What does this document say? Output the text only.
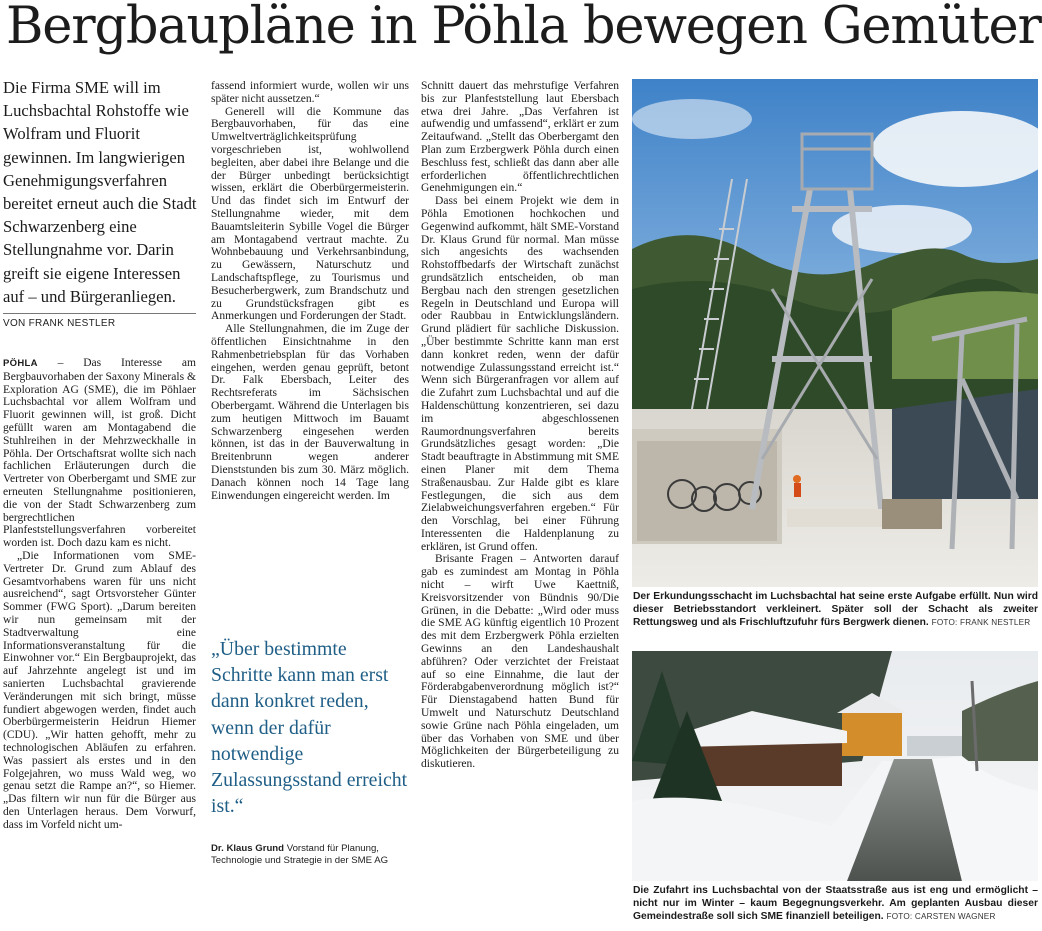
Bergbaupläne in Pöhla bewegen Gemüter
Die Firma SME will im Luchsbachtal Rohstoffe wie Wolfram und Fluorit gewinnen. Im langwierigen Genehmigungsverfahren bereitet erneut auch die Stadt Schwarzenberg eine Stellungnahme vor. Darin greift sie eigene Interessen auf – und Bürgeranliegen.
VON FRANK NESTLER

PÖHLA – Das Interesse am Bergbauvorhaben der Saxony Minerals & Exploration AG (SME), die im Pöhlaer Luchsbachtal vor allem Wolfram und Fluorit gewinnen will, ist groß. Dicht gefüllt waren am Montagabend die Stuhlreihen in der Mehrzweckhalle in Pöhla. Der Ortschaftsrat wollte sich nach fachlichen Erläuterungen durch die Vertreter von Oberbergamt und SME zur erneuten Stellungnahme positionieren, die von der Stadt Schwarzenberg zum bergrechtlichen Planfeststellungsverfahren vorbereitet worden ist. Doch dazu kam es nicht.

„Die Informationen vom SME-Vertreter Dr. Grund zum Ablauf des Gesamtvorhabens waren für uns nicht ausreichend“, sagt Ortsvorsteher Günter Sommer (FWG Sport). „Darum bereiten wir nun gemeinsam mit der Stadtverwaltung eine Informationsveranstaltung für die Einwohner vor.“ Ein Bergbauprojekt, das auf Jahrzehnte angelegt ist und im sanierten Luchsbachtal gravierende Veränderungen mit sich bringt, müsse fundiert abgewogen werden, findet auch Oberbürgermeisterin Heidrun Hiemer (CDU). „Wir hatten gehofft, mehr zu technologischen Abläufen zu erfahren. Was passiert als erstes und in den Folgejahren, wo muss Wald weg, wo genau setzt die Rampe an?“, so Hiemer. „Das filtern wir nun für die Bürger aus den Unterlagen heraus. Dem Vorwurf, dass im Vorfeld nicht um-

fassend informiert wurde, wollen wir uns später nicht aussetzen.“

Generell will die Kommune das Bergbauvorhaben, für das eine Umweltverträglichkeitsprüfung vorgeschrieben ist, wohlwollend begleiten, aber dabei ihre Belange und die der Bürger unbedingt berücksichtigt wissen, erklärt die Oberbürgermeisterin. Und das findet sich im Entwurf der Stellungnahme wieder, mit dem Bauamtsleiterin Sybille Vogel die Bürger am Montagabend vertraut machte. Zu Wohnbebauung und Verkehrsanbindung, zu Gewässern, Naturschutz und Landschaftspflege, zu Tourismus und Besucherbergwerk, zum Brandschutz und zu Grundstücksfragen gibt es Anmerkungen und Forderungen der Stadt.

Alle Stellungnahmen, die im Zuge der öffentlichen Einsichtnahme in den Rahmenbetriebsplan für das Vorhaben eingehen, werden genau geprüft, betont Dr. Falk Ebersbach, Leiter des Rechtsreferats im Sächsischen Oberbergamt. Während die Unterlagen bis zum heutigen Mittwoch im Bauamt Schwarzenberg eingesehen werden können, ist das in der Bauverwaltung in Breitenbrunn wegen anderer Dienststunden bis zum 30. März möglich. Danach können noch 14 Tage lang Einwendungen eingereicht werden. Im

„Über bestimmte Schritte kann man erst dann konkret reden, wenn der dafür notwendige Zulassungsstand erreicht ist.“
Dr. Klaus Grund Vorstand für Planung, Technologie und Strategie in der SME AG

Schnitt dauert das mehrstufige Verfahren bis zur Planfeststellung laut Ebersbach etwa drei Jahre. „Das Verfahren ist aufwendig und umfassend“, erklärt er zum Zeitaufwand. „Stellt das Oberbergamt den Plan zum Erzbergwerk Pöhla durch einen Beschluss fest, schließt das dann aber alle erforderlichen öffentlichrechtlichen Genehmigungen ein.“

Dass bei einem Projekt wie dem in Pöhla Emotionen hochkochen und Gegenwind aufkommt, hält SME-Vorstand Dr. Klaus Grund für normal. Man müsse sich angesichts des wachsenden Rohstoffbedarfs der Wirtschaft zunächst grundsätzlich entscheiden, ob man Bergbau nach den strengen gesetzlichen Regeln in Deutschland und Europa will oder Raubbau in Entwicklungsländern. Grund plädiert für sachliche Diskussion. „Über bestimmte Schritte kann man erst dann konkret reden, wenn der dafür notwendige Zulassungsstand erreicht ist.“ Wenn sich Bürgeranfragen vor allem auf die Zufahrt zum Luchsbachtal und auf die Haldenschüttung konzentrieren, sei dazu im abgeschlossenen Raumordnungsverfahren bereits Grundsätzliches gesagt worden: „Die Stadt beauftragte in Abstimmung mit SME einen Planer mit dem Thema Straßenausbau. Zur Halde gibt es klare Festlegungen, die sich aus dem Zielabweichungsverfahren ergeben.“ Für den Vorschlag, bei einer Führung Interessenten die Haldenplanung zu erklären, ist Grund offen.

Brisante Fragen – Antworten darauf gab es zumindest am Montag in Pöhla nicht – wirft Uwe Kaettniß, Kreisvorsitzender von Bündnis 90/Die Grünen, in die Debatte: „Wird oder muss die SME AG künftig eigentlich 10 Prozent des mit dem Erzbergwerk Pöhla erzielten Gewinns an den Landeshaushalt abführen? Oder verzichtet der Freistaat auf so eine Einnahme, die laut der Förderabgabenverordnung möglich ist?“ Für Dienstagabend hatten Bund für Umwelt und Naturschutz Deutschland sowie Grüne nach Pöhla eingeladen, um über das Vorhaben von SME und über Möglichkeiten der Bürgerbeteiligung zu diskutieren.

Der Erkundungsschacht im Luchsbachtal hat seine erste Aufgabe erfüllt. Nun wird dieser Betriebsstandort verkleinert. Später soll der Schacht als zweiter Rettungsweg und als Frischluftzufuhr fürs Bergwerk dienen. FOTO: FRANK NESTLER
Die Zufahrt ins Luchsbachtal von der Staatsstraße aus ist eng und ermöglicht – nicht nur im Winter – kaum Begegnungsverkehr. Am geplanten Ausbau dieser Gemeindestraße soll sich SME finanziell beteiligen. FOTO: CARSTEN WAGNER
